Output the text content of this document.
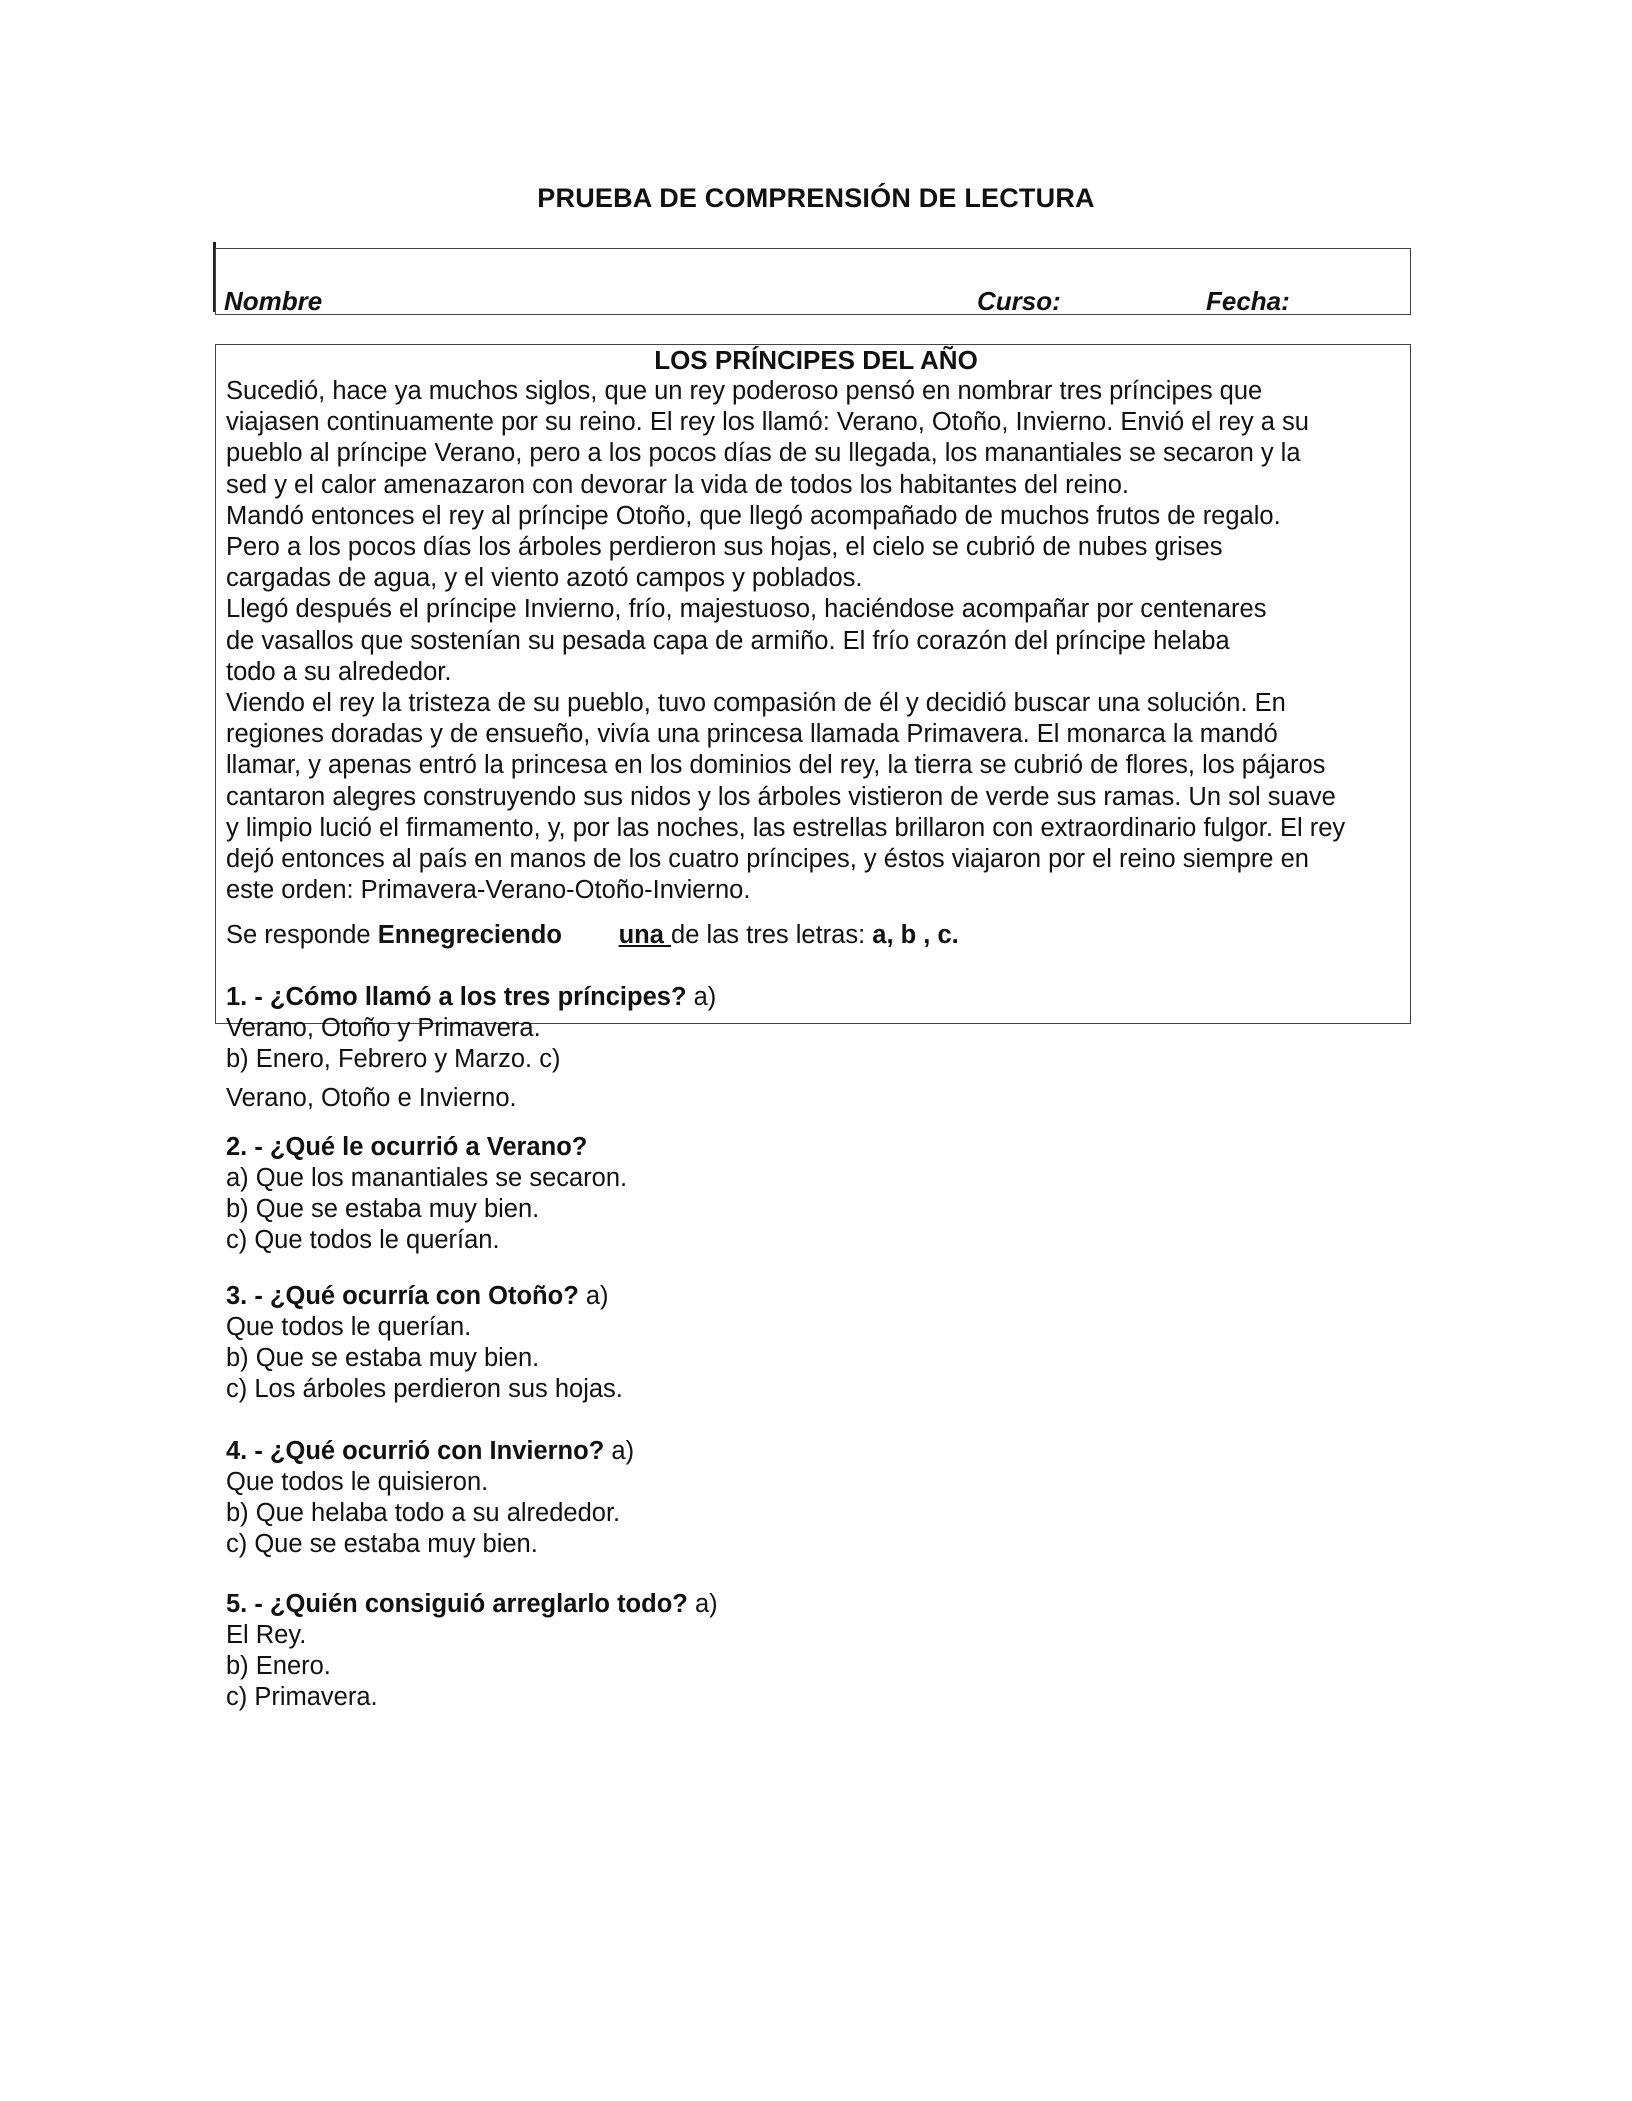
PRUEBA DE COMPRENSIÓN DE LECTURA
Nombre	Curso:	Fecha:
LOS PRÍNCIPES DEL AÑO
Sucedió, hace ya muchos siglos, que un rey poderoso pensó en nombrar tres príncipes que
viajasen continuamente por su reino. El rey los llamó: Verano, Otoño, Invierno. Envió el rey a su
pueblo al príncipe Verano, pero a los pocos días de su llegada, los manantiales se secaron y la
sed y el calor amenazaron con devorar la vida de todos los habitantes del reino.
Mandó entonces el rey al príncipe Otoño, que llegó acompañado de muchos frutos de regalo.
Pero a los pocos días los árboles perdieron sus hojas, el cielo se cubrió de nubes grises
cargadas de agua, y el viento azotó campos y poblados.
Llegó después el príncipe Invierno, frío, majestuoso, haciéndose acompañar por centenares
de vasallos que sostenían su pesada capa de armiño. El frío corazón del príncipe helaba
todo a su alrededor.
Viendo el rey la tristeza de su pueblo, tuvo compasión de él y decidió buscar una solución. En
regiones doradas y de ensueño, vivía una princesa llamada Primavera. El monarca la mandó
llamar, y apenas entró la princesa en los dominios del rey, la tierra se cubrió de flores, los pájaros
cantaron alegres construyendo sus nidos y los árboles vistieron de verde sus ramas. Un sol suave
y limpio lució el firmamento, y, por las noches, las estrellas brillaron con extraordinario fulgor. El rey
dejó entonces al país en manos de los cuatro príncipes, y éstos viajaron por el reino siempre en
este orden: Primavera-Verano-Otoño-Invierno.
Se responde Ennegreciendo una de las tres letras: a, b , c.
1. - ¿Cómo llamó a los tres príncipes? a)
Verano, Otoño y Primavera.
b) Enero, Febrero y Marzo. c)
Verano, Otoño e Invierno.
2. - ¿Qué le ocurrió a Verano?
a) Que los manantiales se secaron.
b) Que se estaba muy bien.
c) Que todos le querían.
3. - ¿Qué ocurría con Otoño? a)
Que todos le querían.
b) Que se estaba muy bien.
c) Los árboles perdieron sus hojas.
4. - ¿Qué ocurrió con Invierno? a)
Que todos le quisieron.
b) Que helaba todo a su alrededor.
c) Que se estaba muy bien.
5. - ¿Quién consiguió arreglarlo todo? a)
El Rey.
b) Enero.
c) Primavera.
